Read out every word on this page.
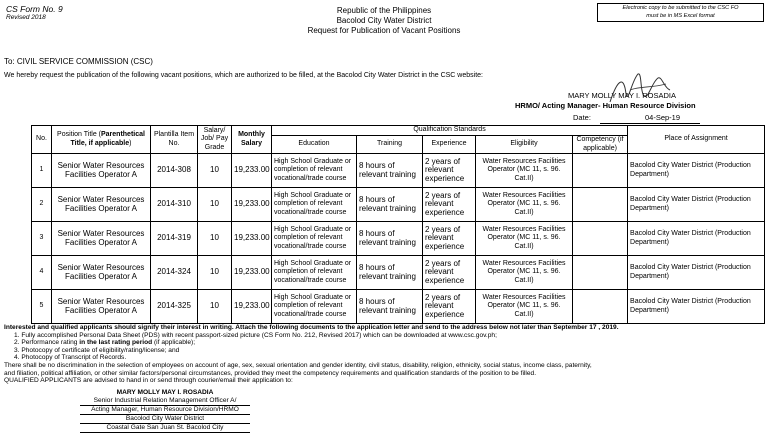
CS Form No. 9
Revised 2018
Electronic copy to be submitted to the CSC FO
must be in MS Excel format
Republic of the Philippines
Bacolod City Water District
Request for Publication of Vacant Positions
To: CIVIL SERVICE COMMISSION (CSC)
We hereby request the publication of the following vacant positions, which are authorized to be filled, at the Bacolod City Water District in the CSC website:
MARY MOLLY MAY I. ROSADIA
HRMO/ Acting Manager- Human Resource Division
Date:	04-Sep-19
No.	Position Title (Parenthetical Title, if applicable)	Plantilla Item No.	Salary/ Job/ Pay Grade	Monthly Salary	Qualification Standards					Place of Assignment
					Education	Training	Experience	Eligibility	Competency (if applicable)	
1	Senior Water Resources Facilities Operator A	2014-308	10	19,233.00	High School Graduate or completion of relevant vocational/trade course	8 hours of relevant training	2 years of relevant experience	Water Resources Facilities Operator (MC 11, s. 96. Cat.II)		Bacolod City Water District (Production Department)
2	Senior Water Resources Facilities Operator A	2014-310	10	19,233.00	High School Graduate or completion of relevant vocational/trade course	8 hours of relevant training	2 years of relevant experience	Water Resources Facilities Operator (MC 11, s. 96. Cat.II)		Bacolod City Water District (Production Department)
3	Senior Water Resources Facilities Operator A	2014-319	10	19,233.00	High School Graduate or completion of relevant vocational/trade course	8 hours of relevant training	2 years of relevant experience	Water Resources Facilities Operator (MC 11, s. 96. Cat.II)		Bacolod City Water District (Production Department)
4	Senior Water Resources Facilities Operator A	2014-324	10	19,233.00	High School Graduate or completion of relevant vocational/trade course	8 hours of relevant training	2 years of relevant experience	Water Resources Facilities Operator (MC 11, s. 96. Cat.II)		Bacolod City Water District (Production Department)
5	Senior Water Resources Facilities Operator A	2014-325	10	19,233.00	High School Graduate or completion of relevant vocational/trade course	8 hours of relevant training	2 years of relevant experience	Water Resources Facilities Operator (MC 11, s. 96. Cat.II)		Bacolod City Water District (Production Department)

Interested and qualified applicants should signify their interest in writing. Attach the following documents to the application letter and send to the address below not later than September 17 , 2019.

1. Fully accomplished Personal Data Sheet (PDS) with recent passport-sized picture (CS Form No. 212, Revised 2017) which can be downloaded at www.csc.gov.ph;

2. Performance rating in the last rating period (if applicable);

3. Photocopy of certificate of eligibility/rating/license; and

4. Photocopy of Transcript of Records.

There shall be no discrimination in the selection of employees on account of age, sex, sexual orientation and gender identity, civil status, disability, religion, ethnicity, social status, income class, paternity,

and filiation, political affiliation, or other similar factors/personal circumstances, provided they meet the competency requirements and qualification standards of the position to be filled.

QUALIFIED APPLICANTS are advised to hand in or send through courier/email their application to:

MARY MOLLY MAY I. ROSADIA
Senior Industrial Relation Management Officer A/
Acting Manager, Human Resource Division/HRMO
Bacolod City Water District
Coastal Gate San Juan St. Bacolod City
